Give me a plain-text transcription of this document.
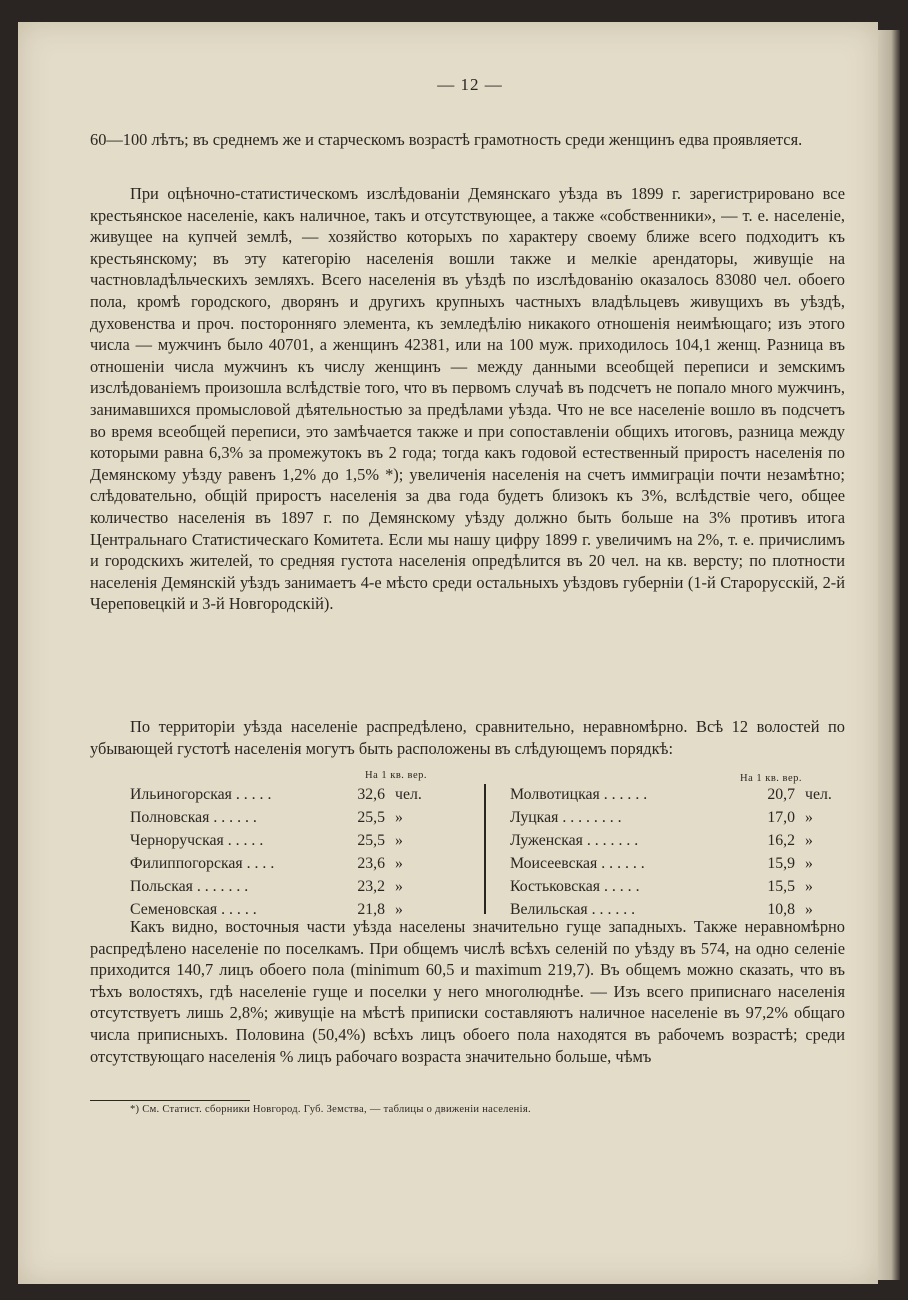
— 12 —
60—100 лѣтъ; въ среднемъ же и старческомъ возрастѣ грамотность среди женщинъ едва проявляется.
При оцѣночно-статистическомъ изслѣдованіи Демянскаго уѣзда въ 1899 г. зарегистрировано все крестьянское населеніе, какъ наличное, такъ и отсутствующее, а также «собственники», — т. е. населеніе, живущее на купчей землѣ, — хозяйство которыхъ по характеру своему ближе всего подходитъ къ крестьянскому; въ эту категорію населенія вошли также и мелкіе арендаторы, живущіе на частновладѣльческихъ земляхъ. Всего населенія въ уѣздѣ по изслѣдованію оказалось 83080 чел. обоего пола, кромѣ городского, дворянъ и другихъ крупныхъ частныхъ владѣльцевъ живущихъ въ уѣздѣ, духовенства и проч. посторонняго элемента, къ земледѣлію никакого отношенія неимѣющаго; изъ этого числа — мужчинъ было 40701, а женщинъ 42381, или на 100 муж. приходилось 104,1 женщ. Разница въ отношеніи числа мужчинъ къ числу женщинъ — между данными всеобщей переписи и земскимъ изслѣдованіемъ произошла вслѣдствіе того, что въ первомъ случаѣ въ подсчетъ не попало много мужчинъ, занимавшихся промысловой дѣятельностью за предѣлами уѣзда. Что не все населеніе вошло въ подсчетъ во время всеобщей переписи, это замѣчается также и при сопоставленіи общихъ итоговъ, разница между которыми равна 6,3% за промежутокъ въ 2 года; тогда какъ годовой естественный приростъ населенія по Демянскому уѣзду равенъ 1,2% до 1,5% *); увеличенія населенія на счетъ иммиграціи почти незамѣтно; слѣдовательно, общій приростъ населенія за два года будетъ близокъ къ 3%, вслѣдствіе чего, общее количество населенія въ 1897 г. по Демянскому уѣзду должно быть больше на 3% противъ итога Центральнаго Статистическаго Комитета. Если мы нашу цифру 1899 г. увеличимъ на 2%, т. е. причислимъ и городскихъ жителей, то средняя густота населенія опредѣлится въ 20 чел. на кв. версту; по плотности населенія Демянскій уѣздъ занимаетъ 4-е мѣсто среди остальныхъ уѣздовъ губерніи (1-й Старорусскій, 2-й Череповецкій и 3-й Новгородскій).
По территоріи уѣзда населеніе распредѣлено, сравнительно, неравномѣрно. Всѣ 12 волостей по убывающей густотѣ населенія могутъ быть расположены въ слѣдующемъ порядкѣ:
На 1 кв. вер.	На 1 кв. вер.
Ильиногорская . . . . .	32,6 чел.
Полновская . . . . . .	25,5 »
Черноручская . . . . .	25,5 »
Филиппогорская . . . .	23,6 »
Польская . . . . . . .	23,2 »
Семеновская . . . . .	21,8 »
Молвотицкая . . . . . .	20,7 чел.
Луцкая . . . . . . . .	17,0 »
Луженская . . . . . . .	16,2 »
Моисеевская . . . . . .	15,9 »
Костьковская . . . . .	15,5 »
Велильская . . . . . .	10,8 »
Какъ видно, восточныя части уѣзда населены значительно гуще западныхъ. Также неравномѣрно распредѣлено населеніе по поселкамъ. При общемъ числѣ всѣхъ селеній по уѣзду въ 574, на одно селеніе приходится 140,7 лицъ обоего пола (minimum 60,5 и maximum 219,7). Въ общемъ можно сказать, что въ тѣхъ волостяхъ, гдѣ населеніе гуще и поселки у него многолюднѣе. — Изъ всего приписнаго населенія отсутствуетъ лишь 2,8%; живущіе на мѣстѣ приписки составляютъ наличное населеніе въ 97,2% общаго числа приписныхъ. Половина (50,4%) всѣхъ лицъ обоего пола находятся въ рабочемъ возрастѣ; среди отсутствующаго населенія % лицъ рабочаго возраста значительно больше, чѣмъ
*) См. Статист. сборники Новгород. Губ. Земства, — таблицы о движеніи населенія.
